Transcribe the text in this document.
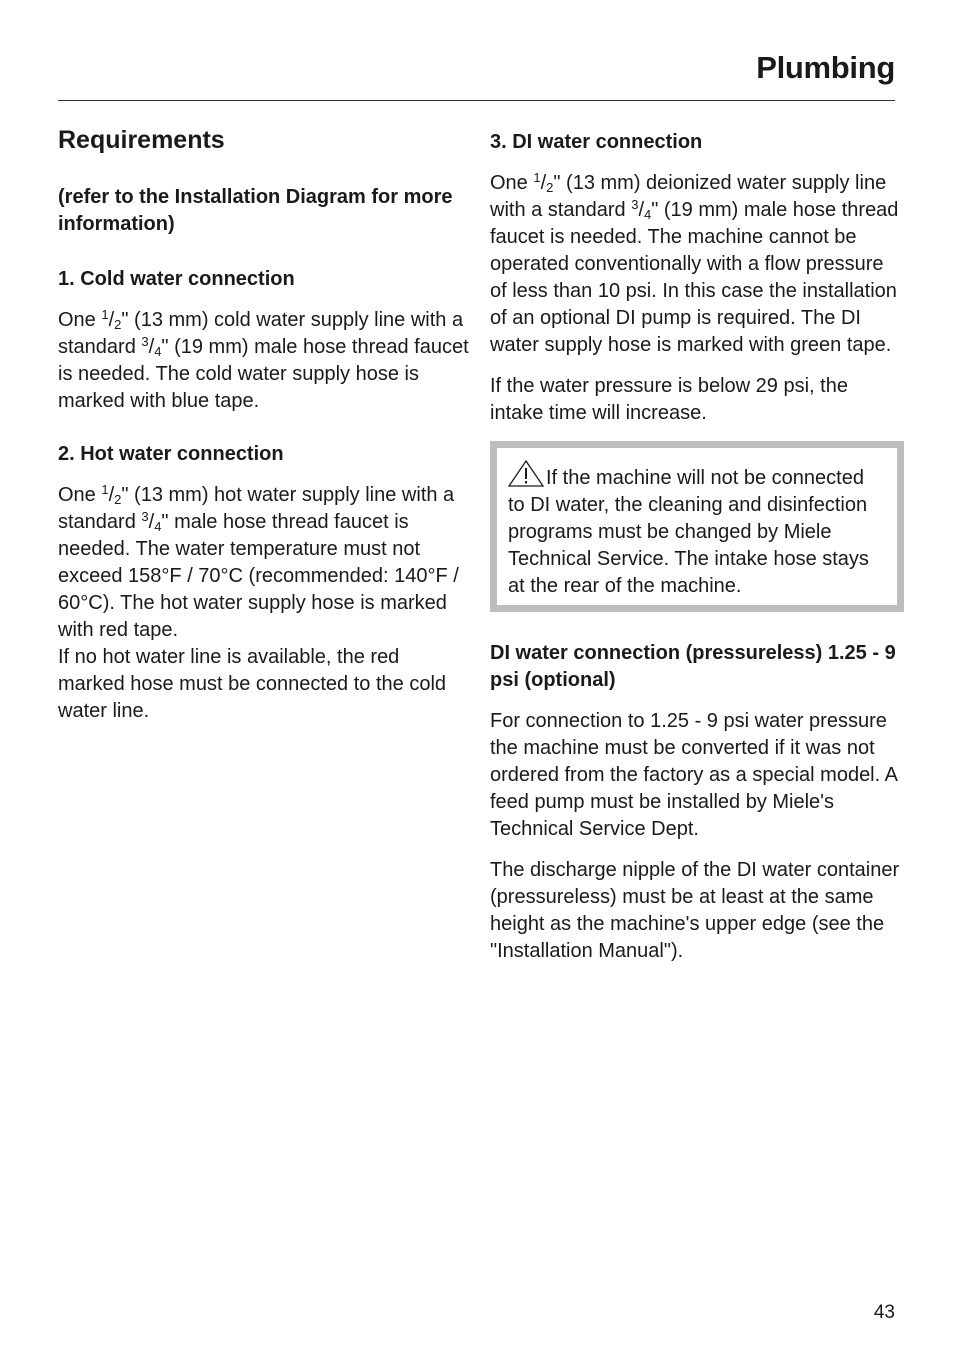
Plumbing
Requirements

(refer to the Installation Diagram for more information)

1. Cold water connection

One $^1/_2$" (13 mm) cold water supply line with a standard $^3/_4$" (19 mm) male hose thread faucet is needed. The cold water supply hose is marked with blue tape.

2. Hot water connection

One $^1/_2$" (13 mm) hot water supply line with a standard $^3/_4$" male hose thread faucet is needed. The water temperature must not exceed 158°F / 70°C (recommended: 140°F / 60°C). The hot water supply hose is marked with red tape.

If no hot water line is available, the red marked hose must be connected to the cold water line.

3. DI water connection

One $^1/_2$" (13 mm) deionized water supply line with a standard $^3/_4$" (19 mm) male hose thread faucet is needed. The machine cannot be operated conventionally with a flow pressure of less than 10 psi. In this case the installation of an optional DI pump is required. The DI water supply hose is marked with green tape.

If the water pressure is below 29 psi, the intake time will increase.

If the machine will not be connected to DI water, the cleaning and disinfection programs must be changed by Miele Technical Service. The intake hose stays at the rear of the machine.

DI water connection (pressureless) 1.25 - 9 psi (optional)

For connection to 1.25 - 9 psi water pressure the machine must be converted if it was not ordered from the factory as a special model. A feed pump must be installed by Miele's Technical Service Dept.

The discharge nipple of the DI water container (pressureless) must be at least at the same height as the machine's upper edge (see the "Installation Manual").

43
